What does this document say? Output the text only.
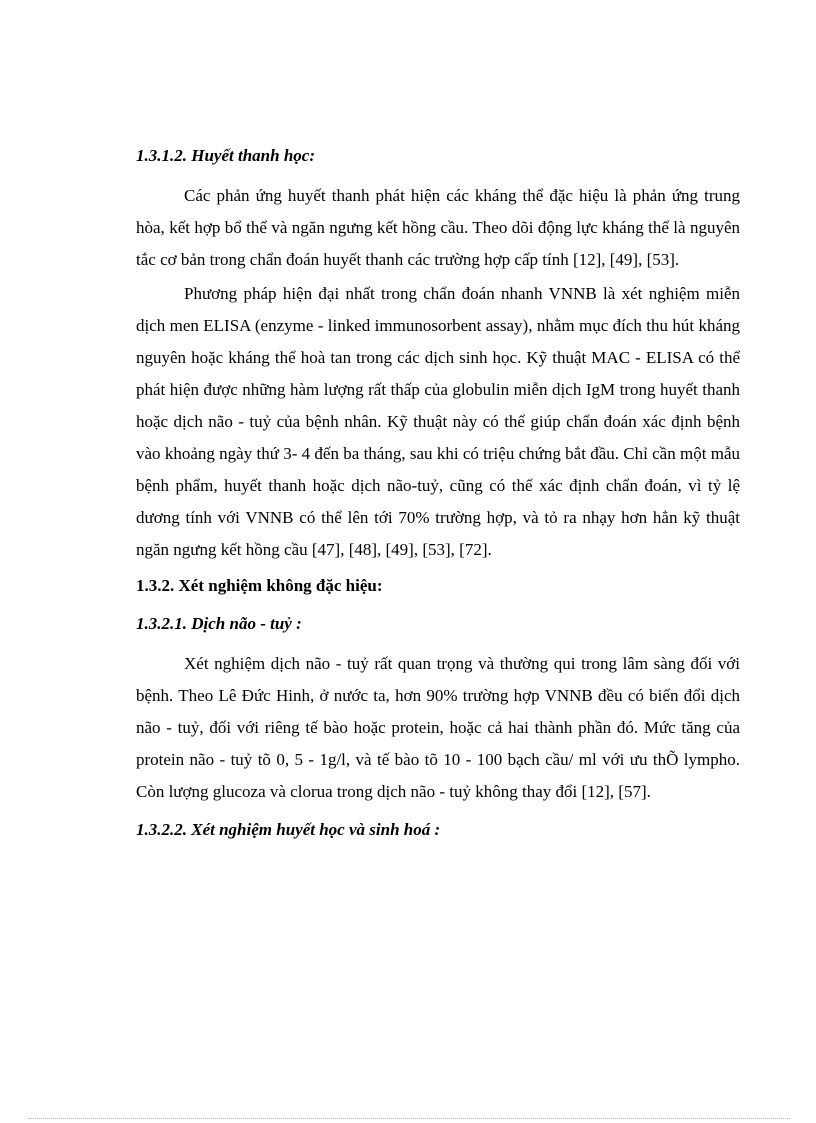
1.3.1.2. Huyết thanh học:

Các phản ứng huyết thanh phát hiện các kháng thể đặc hiệu là phản ứng trung hòa, kết hợp bổ thể và ngăn ngưng kết hồng cầu. Theo dõi động lực kháng thể là nguyên tắc cơ bản trong chẩn đoán huyết thanh các trường hợp cấp tính [12], [49], [53].

Phương pháp hiện đại nhất trong chẩn đoán nhanh VNNB là xét nghiệm miễn dịch men ELISA (enzyme - linked immunosorbent assay), nhằm mục đích thu hút kháng nguyên hoặc kháng thể hoà tan trong các dịch sinh học. Kỹ thuật MAC - ELISA có thể phát hiện được những hàm lượng rất thấp của globulin miễn dịch IgM trong huyết thanh hoặc dịch não - tuỷ của bệnh nhân. Kỹ thuật này có thể giúp chẩn đoán xác định bệnh vào khoảng ngày thứ 3- 4 đến ba tháng, sau khi có triệu chứng bắt đầu. Chỉ cần một mẫu bệnh phẩm, huyết thanh hoặc dịch não-tuỷ, cũng có thể xác định chẩn đoán, vì tỷ lệ dương tính với VNNB có thể lên tới 70% trường hợp, và tỏ ra nhạy hơn hẳn kỹ thuật ngăn ngưng kết hồng cầu [47], [48], [49], [53], [72].

1.3.2. Xét nghiệm không đặc hiệu:
1.3.2.1. Dịch não - tuỷ :

Xét nghiệm dịch não - tuỷ rất quan trọng và thường qui trong lâm sàng đối với bệnh. Theo Lê Đức Hinh, ở nước ta, hơn 90% trường hợp VNNB đều có biến đổi dịch não - tuỷ, đối với riêng tế bào hoặc protein, hoặc cả hai thành phần đó. Mức tăng của protein não - tuỷ tõ 0, 5 - 1g/l, và tế bào tõ 10 - 100 bạch cầu/ ml với ưu thÕ lympho. Còn lượng glucoza và clorua trong dịch não - tuỷ không thay đổi [12], [57].

1.3.2.2. Xét nghiệm huyết học và sinh hoá :
